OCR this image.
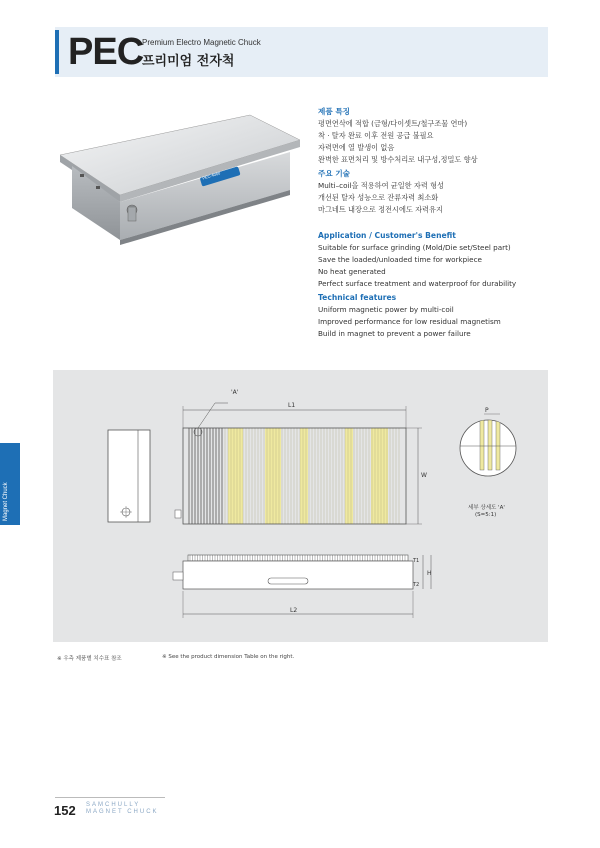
PEC
Premium Electro Magnetic Chuck
프리미엄 전자척
PEC-4060
제품 특징
평면연삭에 적합 (금형/다이셋트/철구조물 연마)
착 · 탈자 완료 이후 전원 공급 불필요
자력면에 열 발생이 없음
완벽한 표면처리 및 방수처리로 내구성,정밀도 향상
주요 기술
Multi–coil을 적용하여 균일한 자력 형성
개선된 탈자 성능으로 잔류자력 최소화
마그네트 내장으로 정전시에도 자력유지
Application / Customer's Benefit
Suitable for surface grinding (Mold/Die set/Steel part)
Save the loaded/unloaded time for workpiece
No heat generated
Perfect surface treatment and waterproof for durability
Technical features
Uniform magnetic power by multi-coil
Improved performance for low residual magnetism
Build in magnet to prevent a power failure
Magnet Chuck
'A'
L1
W
P
세부 상세도 'A'
(S=5:1)
T1
H
T2
L2
※ 우측 제품별 치수표 참조	※ See the product dimension Table on the right.
152 SAMCHULLY
MAGNET CHUCK
